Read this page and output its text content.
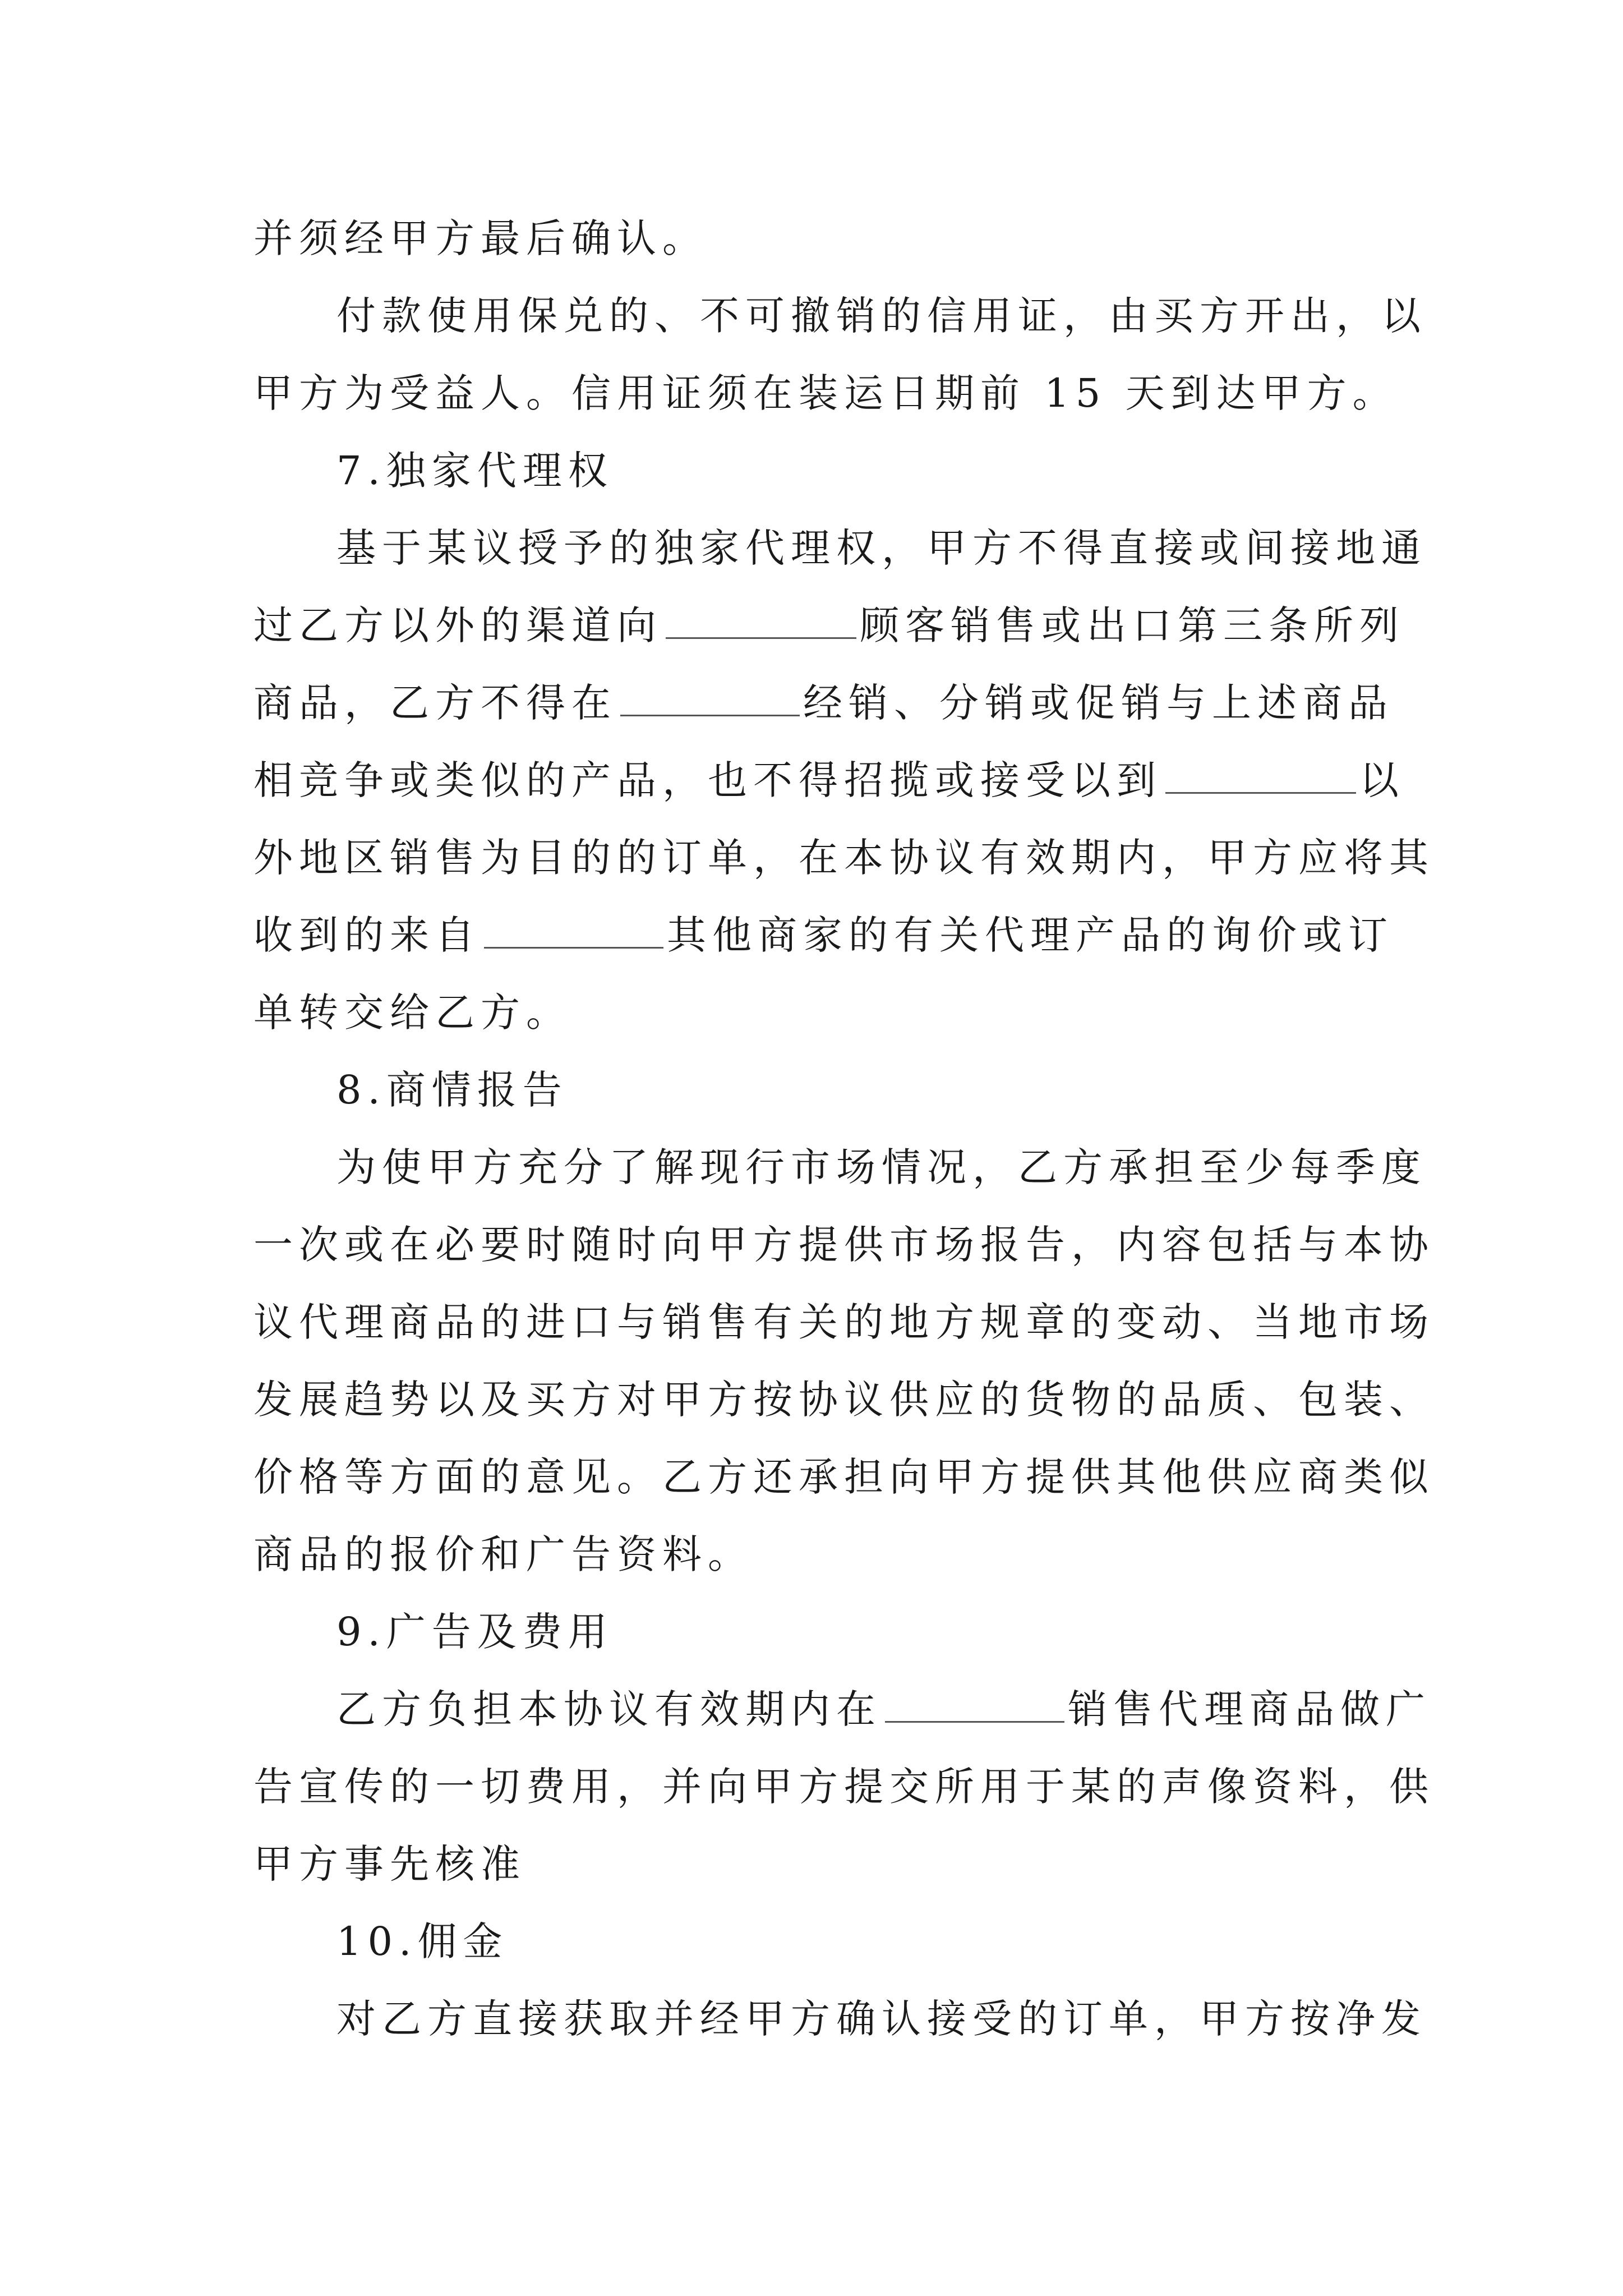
并须经甲方最后确认。
付款使用保兑的、不可撤销的信用证，由买方开出，以
甲方为受益人。信用证须在装运日期前 15 天到达甲方。
7.独家代理权
基于某议授予的独家代理权，甲方不得直接或间接地通
过乙方以外的渠道向	顾客销售或出口第三条所列
商品，乙方不得在	经销、分销或促销与上述商品
相竞争或类似的产品，也不得招揽或接受以到	以
外地区销售为目的的订单，在本协议有效期内，甲方应将其
收到的来自	其他商家的有关代理产品的询价或订
单转交给乙方。
8.商情报告
为使甲方充分了解现行市场情况，乙方承担至少每季度
一次或在必要时随时向甲方提供市场报告，内容包括与本协
议代理商品的进口与销售有关的地方规章的变动、当地市场
发展趋势以及买方对甲方按协议供应的货物的品质、包装、
价格等方面的意见。乙方还承担向甲方提供其他供应商类似
商品的报价和广告资料。
9.广告及费用
乙方负担本协议有效期内在	销售代理商品做广
告宣传的一切费用，并向甲方提交所用于某的声像资料，供
甲方事先核准
10.佣金
对乙方直接获取并经甲方确认接受的订单，甲方按净发
